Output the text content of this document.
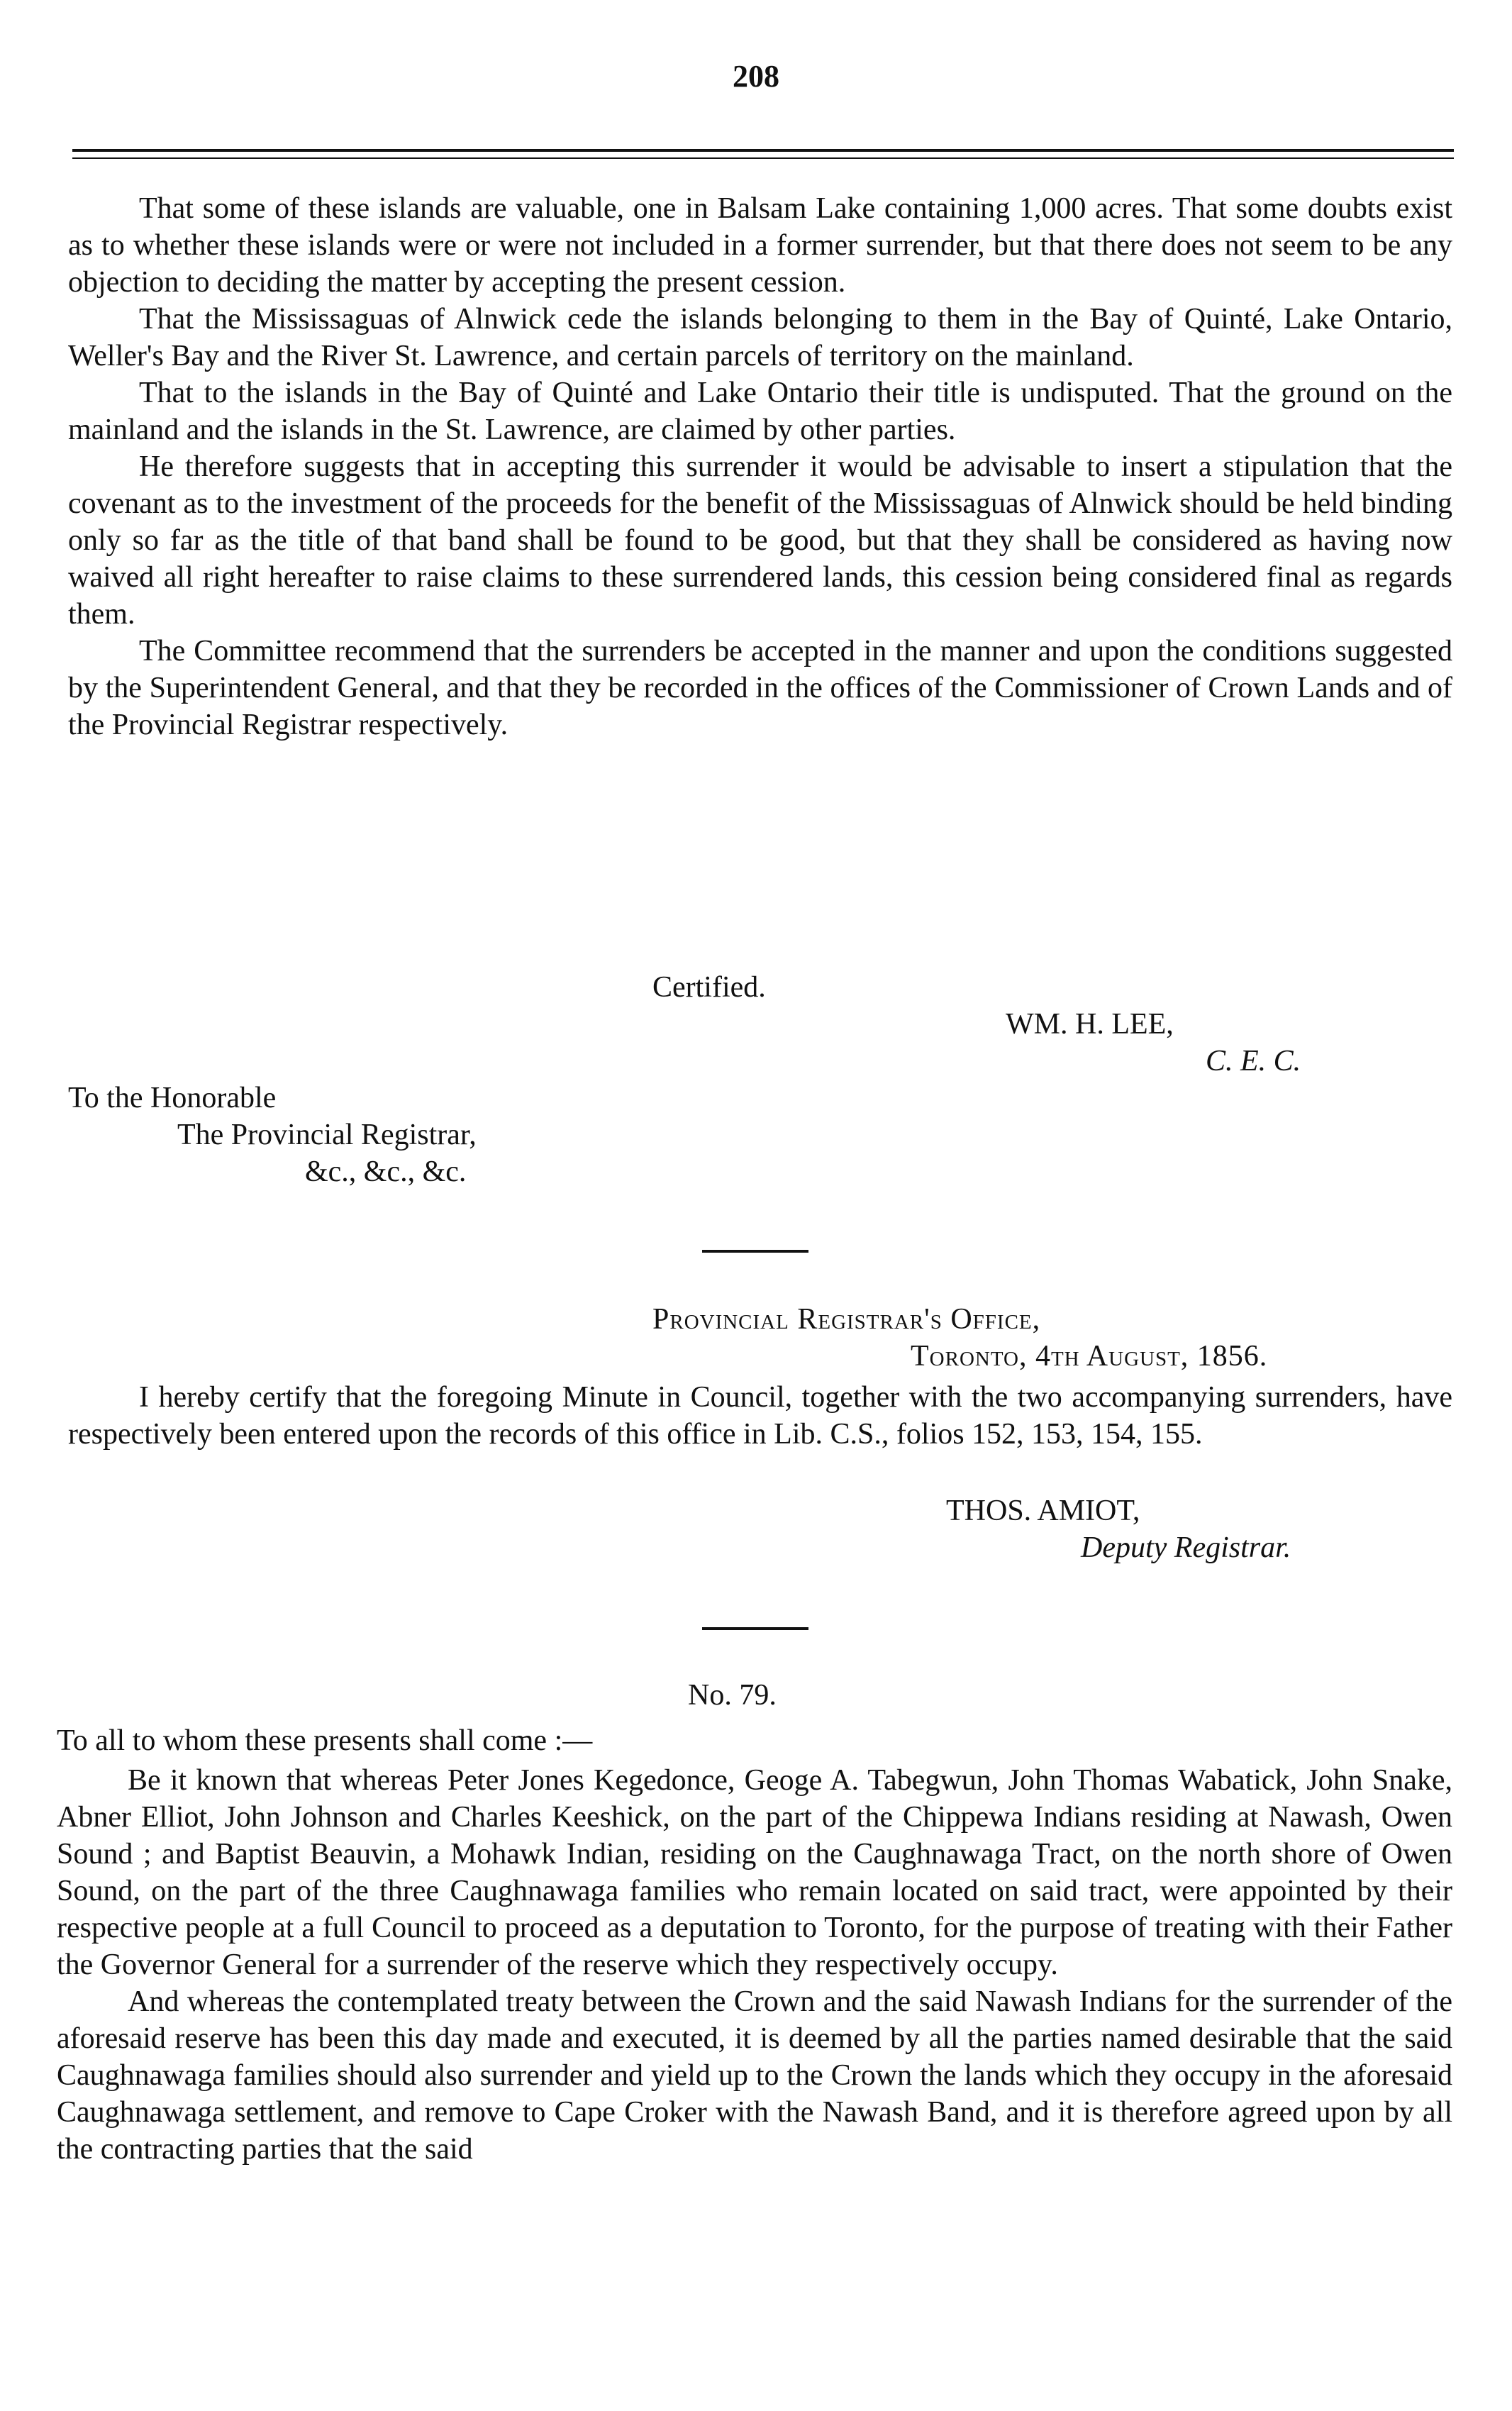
208

That some of these islands are valuable, one in Balsam Lake containing 1,000 acres. That some doubts exist as to whether these islands were or were not included in a former surrender, but that there does not seem to be any objection to deciding the matter by accepting the present cession.

That the Mississaguas of Alnwick cede the islands belonging to them in the Bay of Quinté, Lake Ontario, Weller's Bay and the River St. Lawrence, and certain parcels of territory on the mainland.

That to the islands in the Bay of Quinté and Lake Ontario their title is undisputed. That the ground on the mainland and the islands in the St. Lawrence, are claimed by other parties.

He therefore suggests that in accepting this surrender it would be advisable to insert a stipulation that the covenant as to the investment of the proceeds for the benefit of the Mississaguas of Alnwick should be held binding only so far as the title of that band shall be found to be good, but that they shall be considered as having now waived all right hereafter to raise claims to these surrendered lands, this cession being considered final as regards them.

The Committee recommend that the surrenders be accepted in the manner and upon the conditions suggested by the Superintendent General, and that they be recorded in the offices of the Commissioner of Crown Lands and of the Provincial Registrar respectively.

Certified.
WM. H. LEE,
C. E. C.
To the Honorable
The Provincial Registrar,
&c., &c., &c.
Provincial Registrar's Office,
Toronto, 4th August, 1856.

I hereby certify that the foregoing Minute in Council, together with the two accompanying surrenders, have respectively been entered upon the records of this office in Lib. C.S., folios 152, 153, 154, 155.

THOS. AMIOT,
Deputy Registrar.
No. 79.
To all to whom these presents shall come :—

Be it known that whereas Peter Jones Kegedonce, Geoge A. Tabegwun, John Thomas Wabatick, John Snake, Abner Elliot, John Johnson and Charles Keeshick, on the part of the Chippewa Indians residing at Nawash, Owen Sound ; and Baptist Beauvin, a Mohawk Indian, residing on the Caughnawaga Tract, on the north shore of Owen Sound, on the part of the three Caughnawaga families who remain located on said tract, were appointed by their respective people at a full Council to proceed as a deputation to Toronto, for the purpose of treating with their Father the Governor General for a surrender of the reserve which they respectively occupy.

And whereas the contemplated treaty between the Crown and the said Nawash Indians for the surrender of the aforesaid reserve has been this day made and executed, it is deemed by all the parties named desirable that the said Caughnawaga families should also surrender and yield up to the Crown the lands which they occupy in the aforesaid Caughnawaga settlement, and remove to Cape Croker with the Nawash Band, and it is therefore agreed upon by all the contracting parties that the said
